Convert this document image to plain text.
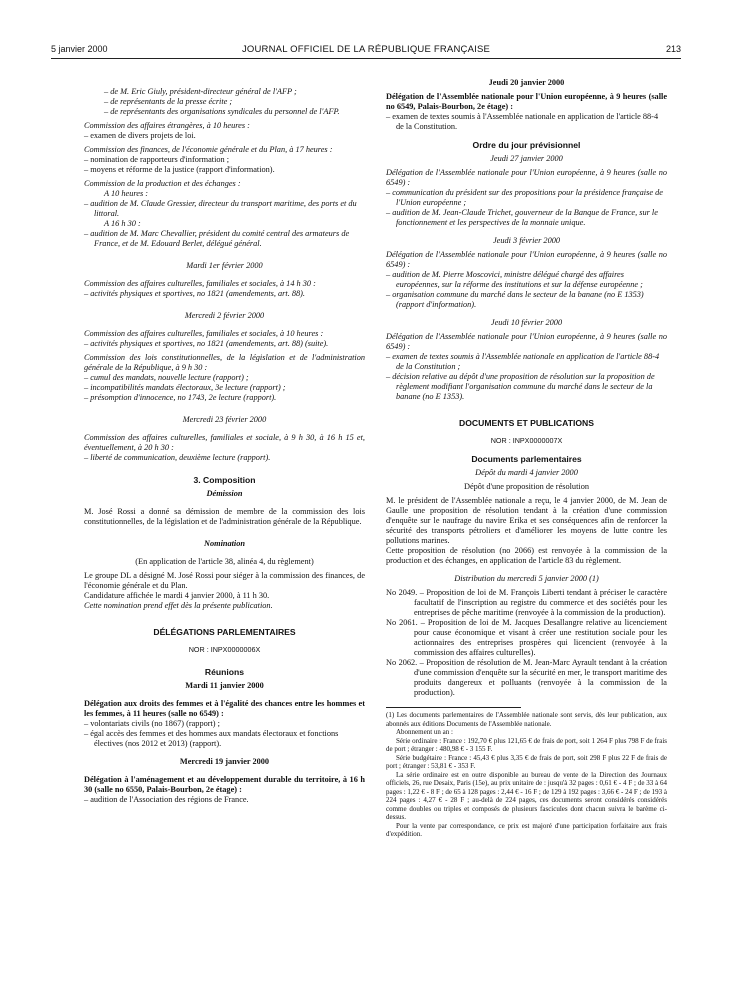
5 janvier 2000	JOURNAL OFFICIEL DE LA RÉPUBLIQUE FRANÇAISE	213

– de M. Eric Giuly, président-directeur général de l'AFP ;

– de représentants de la presse écrite ;

– de représentants des organisations syndicales du personnel de l'AFP.

Commission des affaires étrangères, à 10 heures :

– examen de divers projets de loi.

Commission des finances, de l'économie générale et du Plan, à 17 heures :

– nomination de rapporteurs d'information ;

– moyens et réforme de la justice (rapport d'information).

Commission de la production et des échanges :

A 10 heures :

– audition de M. Claude Gressier, directeur du transport maritime, des ports et du littoral.

A 16 h 30 :

– audition de M. Marc Chevallier, président du comité central des armateurs de France, et de M. Edouard Berlet, délégué général.

Mardi 1er février 2000

Commission des affaires culturelles, familiales et sociales, à 14 h 30 :

– activités physiques et sportives, no 1821 (amendements, art. 88).

Mercredi 2 février 2000

Commission des affaires culturelles, familiales et sociales, à 10 heures :

– activités physiques et sportives, no 1821 (amendements, art. 88) (suite).

Commission des lois constitutionnelles, de la législation et de l'administration générale de la République, à 9 h 30 :

– cumul des mandats, nouvelle lecture (rapport) ;

– incompatibilités mandats électoraux, 3e lecture (rapport) ;

– présomption d'innocence, no 1743, 2e lecture (rapport).

Mercredi 23 février 2000

Commission des affaires culturelles, familiales et sociale, à 9 h 30, à 16 h 15 et, éventuellement, à 20 h 30 :

– liberté de communication, deuxième lecture (rapport).

3. Composition

Démission

M. José Rossi a donné sa démission de membre de la commission des lois constitutionnelles, de la législation et de l'administration générale de la République.

Nomination

(En application de l'article 38, alinéa 4, du règlement)

Le groupe DL a désigné M. José Rossi pour siéger à la commission des finances, de l'économie générale et du Plan.

Candidature affichée le mardi 4 janvier 2000, à 11 h 30.

Cette nomination prend effet dès la présente publication.

DÉLÉGATIONS PARLEMENTAIRES

NOR : INPX0000006X

Réunions

Mardi 11 janvier 2000

Délégation aux droits des femmes et à l'égalité des chances entre les hommes et les femmes, à 11 heures (salle no 6549) :

– volontariats civils (no 1867) (rapport) ;

– égal accès des femmes et des hommes aux mandats électoraux et fonctions électives (nos 2012 et 2013) (rapport).

Mercredi 19 janvier 2000

Délégation à l'aménagement et au développement durable du territoire, à 16 h 30 (salle no 6550, Palais-Bourbon, 2e étage) :

– audition de l'Association des régions de France.

Jeudi 20 janvier 2000

Délégation de l'Assemblée nationale pour l'Union européenne, à 9 heures (salle no 6549, Palais-Bourbon, 2e étage) :

– examen de textes soumis à l'Assemblée nationale en application de l'article 88-4 de la Constitution.

Ordre du jour prévisionnel

Jeudi 27 janvier 2000

Délégation de l'Assemblée nationale pour l'Union européenne, à 9 heures (salle no 6549) :

– communication du président sur des propositions pour la présidence française de l'Union européenne ;

– audition de M. Jean-Claude Trichet, gouverneur de la Banque de France, sur le fonctionnement et les perspectives de la monnaie unique.

Jeudi 3 février 2000

Délégation de l'Assemblée nationale pour l'Union européenne, à 9 heures (salle no 6549) :

– audition de M. Pierre Moscovici, ministre délégué chargé des affaires européennes, sur la réforme des institutions et sur la défense européenne ;

– organisation commune du marché dans le secteur de la banane (no E 1353) (rapport d'information).

Jeudi 10 février 2000

Délégation de l'Assemblée nationale pour l'Union européenne, à 9 heures (salle no 6549) :

– examen de textes soumis à l'Assemblée nationale en application de l'article 88-4 de la Constitution ;

– décision relative au dépôt d'une proposition de résolution sur la proposition de règlement modifiant l'organisation commune du marché dans le secteur de la banane (no E 1353).

DOCUMENTS ET PUBLICATIONS

NOR : INPX0000007X

Documents parlementaires

Dépôt du mardi 4 janvier 2000

Dépôt d'une proposition de résolution

M. le président de l'Assemblée nationale a reçu, le 4 janvier 2000, de M. Jean de Gaulle une proposition de résolution tendant à la création d'une commission d'enquête sur le naufrage du navire Erika et ses conséquences afin de renforcer la sécurité des transports pétroliers et d'améliorer les moyens de lutte contre les pollutions marines.

Cette proposition de résolution (no 2066) est renvoyée à la commission de la production et des échanges, en application de l'article 83 du règlement.

Distribution du mercredi 5 janvier 2000 (1)

No 2049. – Proposition de loi de M. François Liberti tendant à préciser le caractère facultatif de l'inscription au registre du commerce et des sociétés pour les entreprises de pêche maritime (renvoyée à la commission de la production).

No 2061. – Proposition de loi de M. Jacques Desallangre relative au licenciement pour cause économique et visant à créer une restitution sociale pour les actionnaires des entreprises prospères qui licencient (renvoyée à la commission des affaires culturelles).

No 2062. – Proposition de résolution de M. Jean-Marc Ayrault tendant à la création d'une commission d'enquête sur la sécurité en mer, le transport maritime des produits dangereux et polluants (renvoyée à la commission de la production).

(1) Les documents parlementaires de l'Assemblée nationale sont servis, dès leur publication, aux abonnés aux éditions Documents de l'Assemblée nationale.

Abonnement un an :

Série ordinaire : France : 192,70 € plus 121,65 € de frais de port, soit 1 264 F plus 798 F de frais de port ; étranger : 480,98 € - 3 155 F.

Série budgétaire : France : 45,43 € plus 3,35 € de frais de port, soit 298 F plus 22 F de frais de port ; étranger : 53,81 € - 353 F.

La série ordinaire est en outre disponible au bureau de vente de la Direction des Journaux officiels, 26, rue Desaix, Paris (15e), au prix unitaire de : jusqu'à 32 pages : 0,61 € - 4 F ; de 33 à 64 pages : 1,22 € - 8 F ; de 65 à 128 pages : 2,44 € - 16 F ; de 129 à 192 pages : 3,66 € - 24 F ; de 193 à 224 pages : 4,27 € - 28 F ; au-delà de 224 pages, ces documents seront considérés considérés comme doubles ou triples et composés de plusieurs fascicules dont chacun suivra le barème ci-dessus.

Pour la vente par correspondance, ce prix est majoré d'une participation forfaitaire aux frais d'expédition.
